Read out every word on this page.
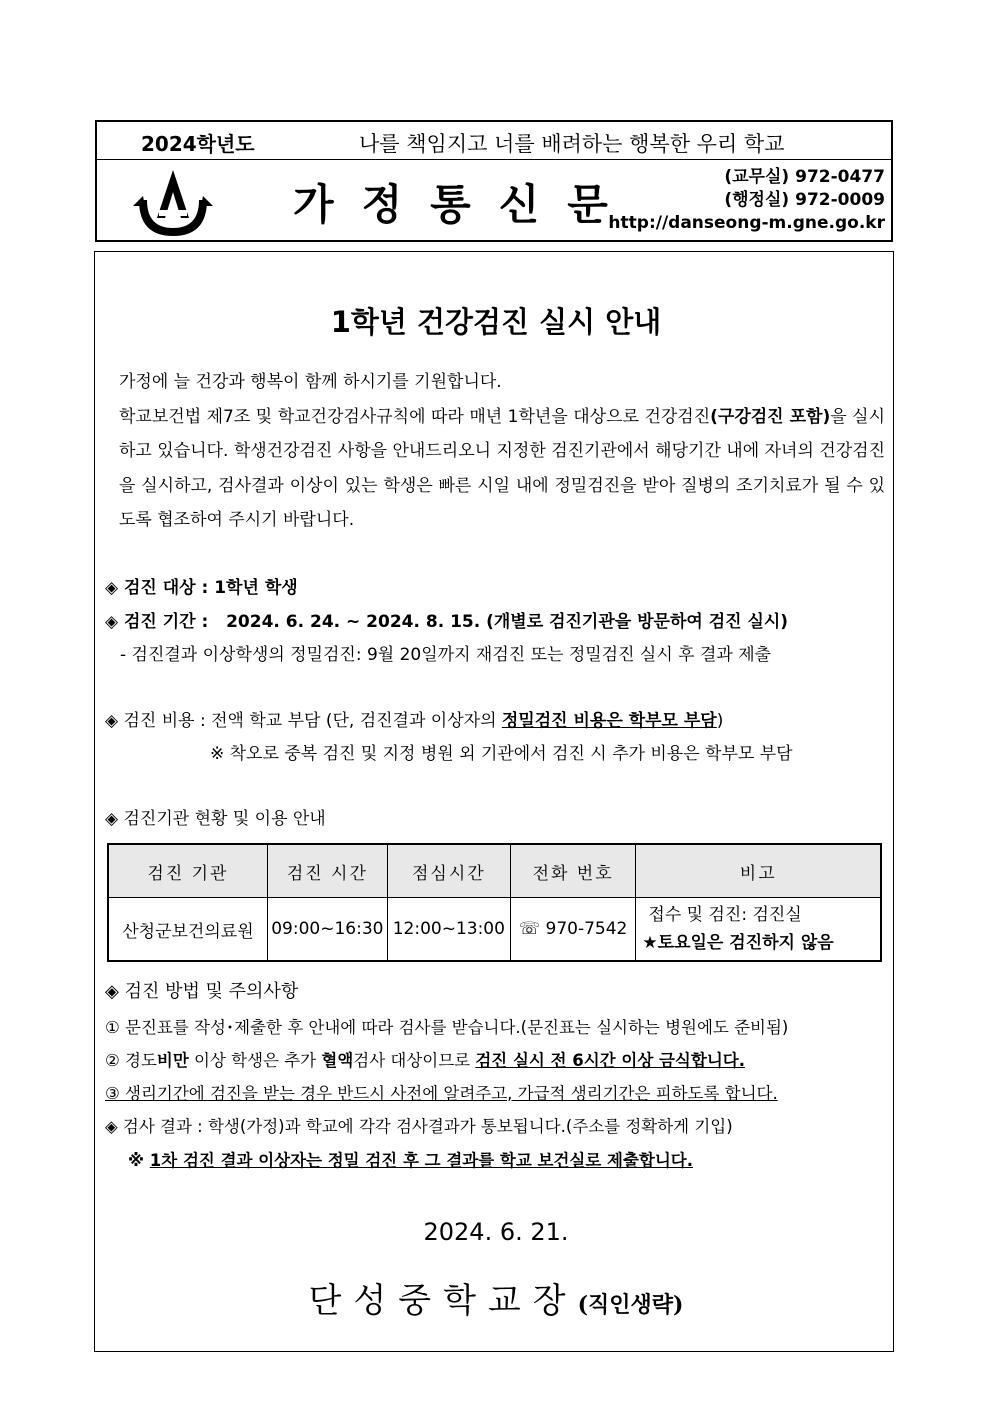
2024학년도	나를 책임지고 너를 배려하는 행복한 우리 학교
가정통신문
(교무실) 972-0477
(행정실) 972-0009
http://danseong-m.gne.go.kr
1학년 건강검진 실시 안내

가정에 늘 건강과 행복이 함께 하시기를 기원합니다.

학교보건법 제7조 및 학교건강검사규칙에 따라 매년 1학년을 대상으로 건강검진(구강검진 포함)을 실시하고 있습니다. 학생건강검진 사항을 안내드리오니 지정한 검진기관에서 해당기간 내에 자녀의 건강검진을 실시하고, 검사결과 이상이 있는 학생은 빠른 시일 내에 정밀검진을 받아 질병의 조기치료가 될 수 있도록 협조하여 주시기 바랍니다.

◈ 검진 대상 : 1학년 학생
◈ 검진 기간 : 2024. 6. 24. ~ 2024. 8. 15. (개별로 검진기관을 방문하여 검진 실시)
- 검진결과 이상학생의 정밀검진: 9월 20일까지 재검진 또는 정밀검진 실시 후 결과 제출
◈ 검진 비용 : 전액 학교 부담 (단, 검진결과 이상자의 정밀검진 비용은 학부모 부담)
※ 착오로 중복 검진 및 지정 병원 외 기관에서 검진 시 추가 비용은 학부모 부담
◈ 검진기관 현황 및 이용 안내
검진 기관	검진 시간	점심시간	전화 번호	비고
산청군보건의료원	09:00~16:30	12:00~13:00	☏ 970-7542	접수 및 검진: 검진실
★토요일은 검진하지 않음
◈ 검진 방법 및 주의사항
① 문진표를 작성･제출한 후 안내에 따라 검사를 받습니다.(문진표는 실시하는 병원에도 준비됨)
② 경도비만 이상 학생은 추가 혈액검사 대상이므로 검진 실시 전 6시간 이상 금식합니다.
③ 생리기간에 검진을 받는 경우 반드시 사전에 알려주고, 가급적 생리기간은 피하도록 합니다.
◈ 검사 결과 : 학생(가정)과 학교에 각각 검사결과가 통보됩니다.(주소를 정확하게 기입)
※ 1차 검진 결과 이상자는 정밀 검진 후 그 결과를 학교 보건실로 제출합니다.
2024. 6. 21.
단성중학교장(직인생략)
